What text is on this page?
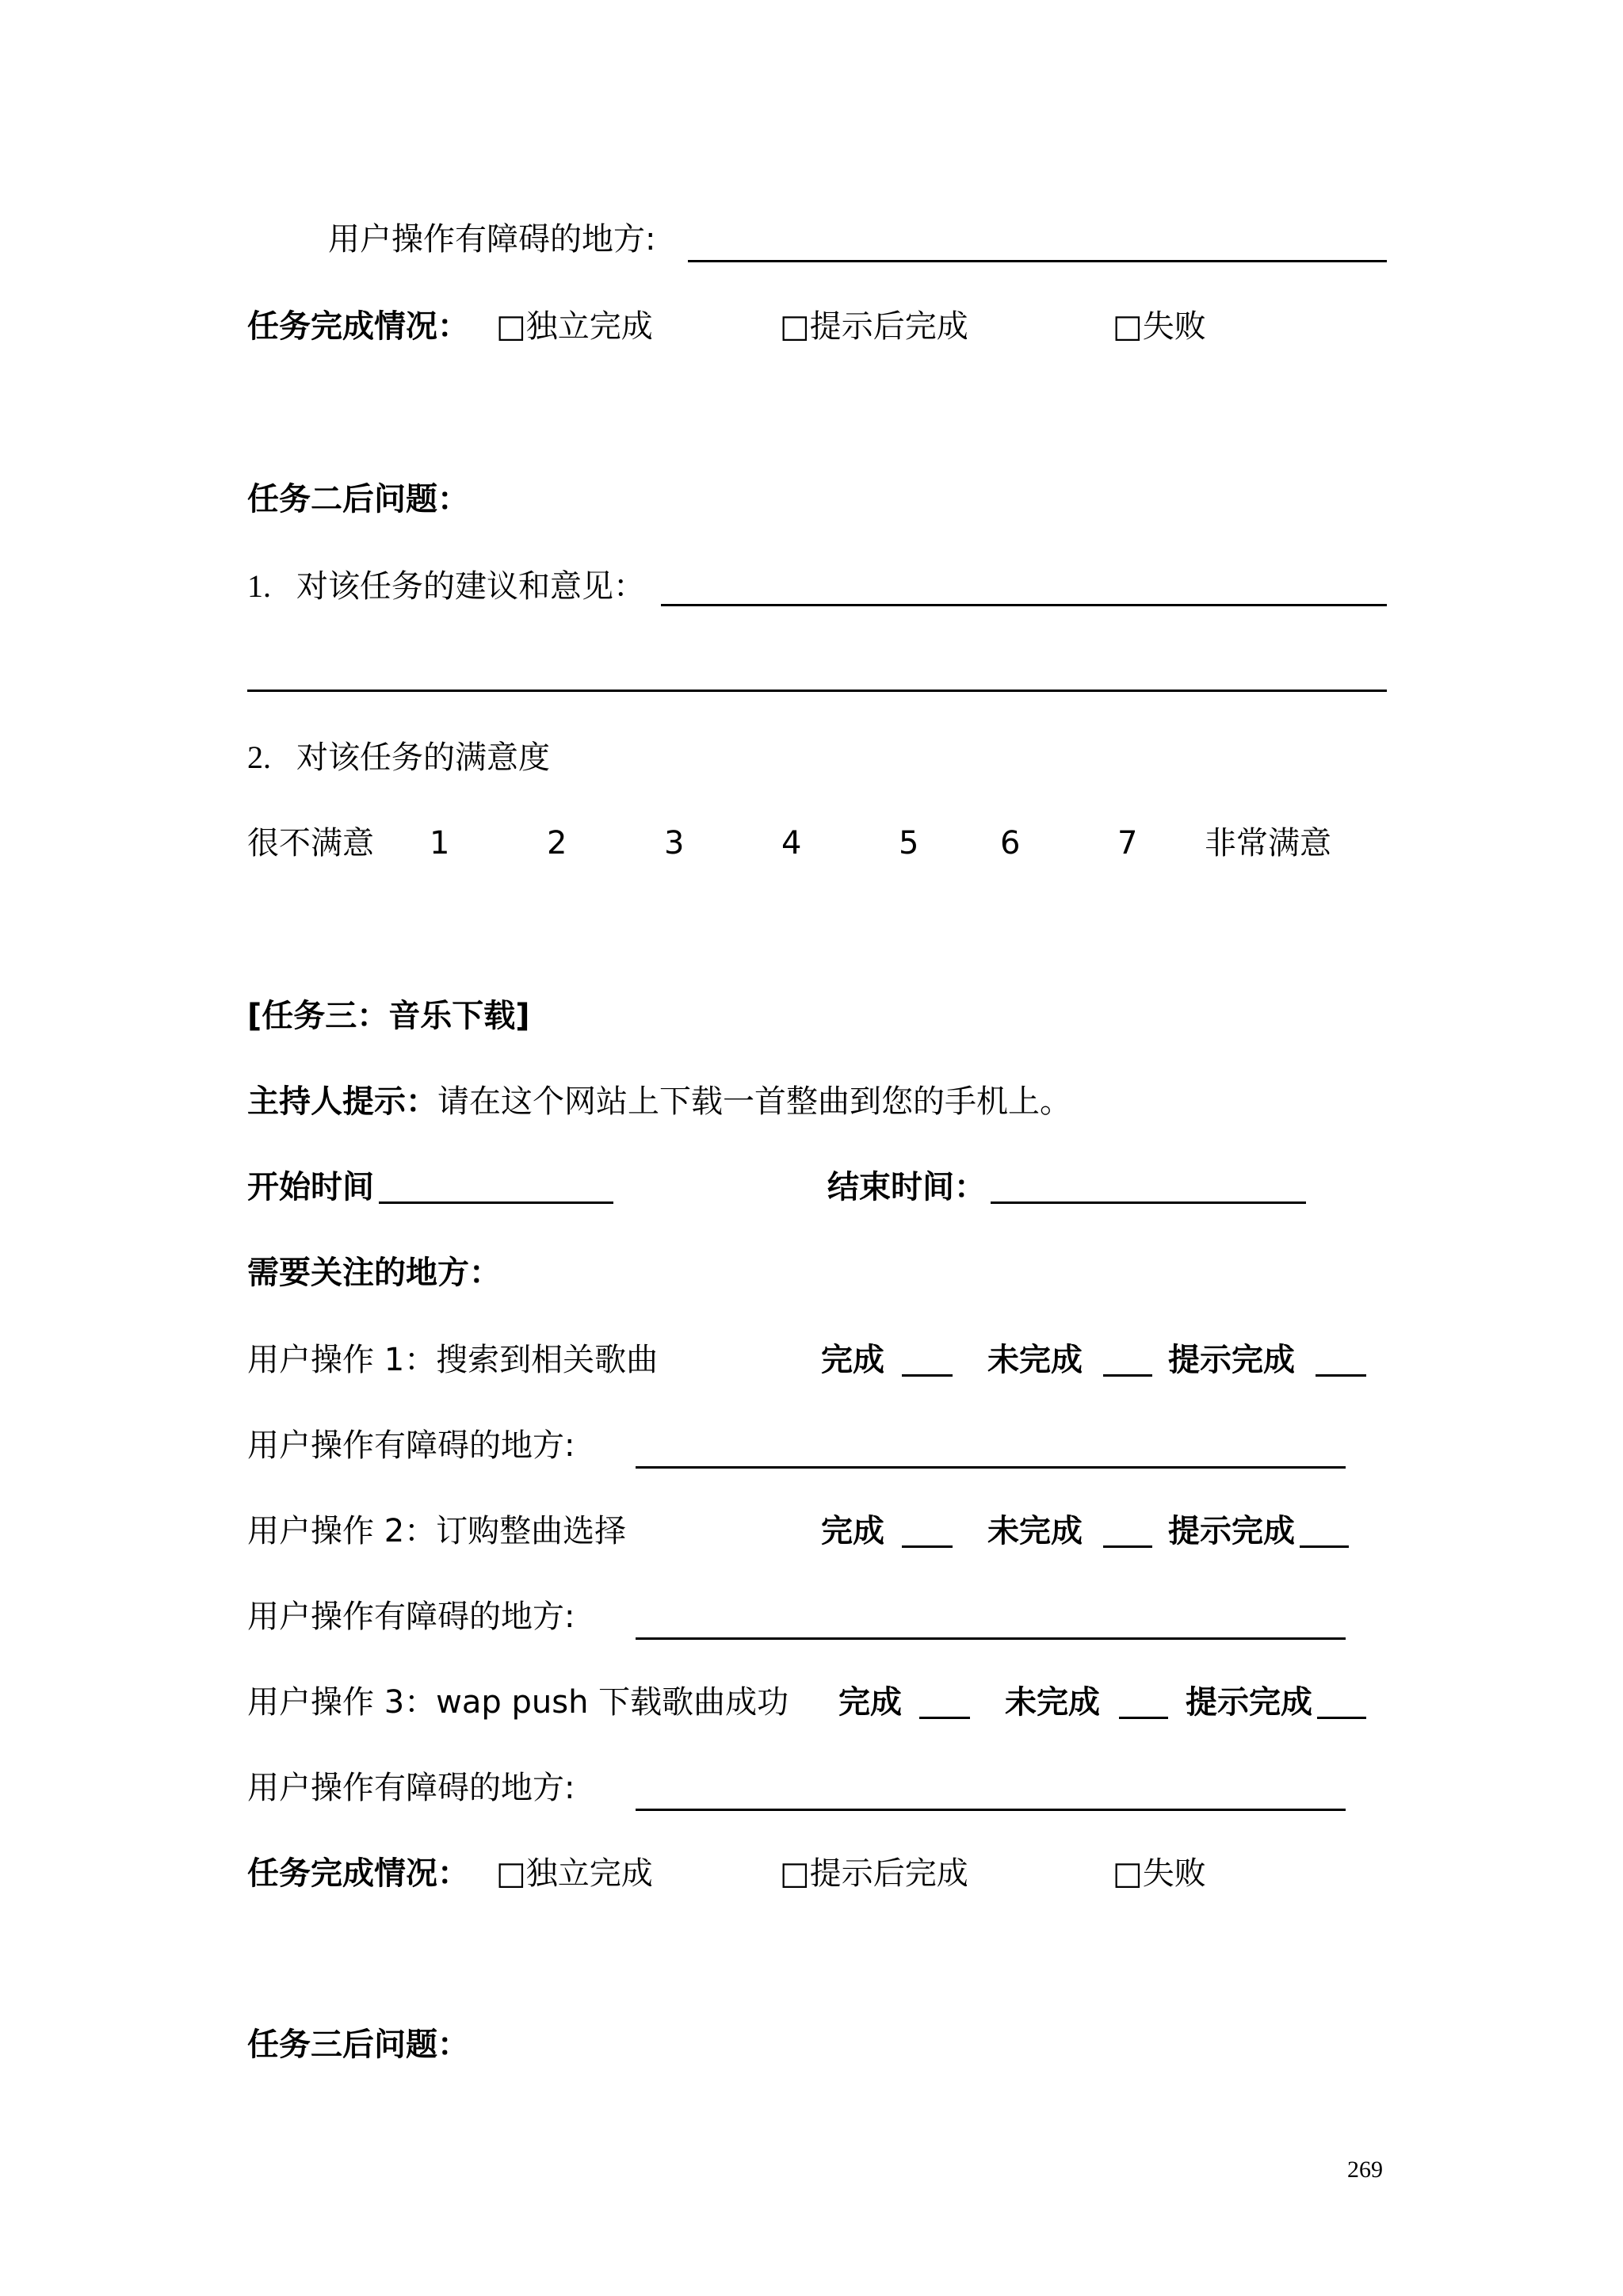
用户操作有障碍的地方:
任务完成情况： □独立完成	□提示后完成	□失败
任务二后问题：
1. 对该任务的建议和意见：
2. 对该任务的满意度
很不满意 1	2	3	4	5	6	7 非常满意
[任务三：音乐下载]
主持人提示：请在这个网站上下载一首整曲到您的手机上。
开始时间	结束时间：
需要关注的地方：
用户操作 1：搜索到相关歌曲	完成	未完成	提示完成
用户操作有障碍的地方:
用户操作 2：订购整曲选择	完成	未完成	提示完成
用户操作有障碍的地方:
用户操作 3：wap push 下载歌曲成功 完成	未完成	提示完成
用户操作有障碍的地方:
任务完成情况： □独立完成	□提示后完成	□失败
任务三后问题：
269
